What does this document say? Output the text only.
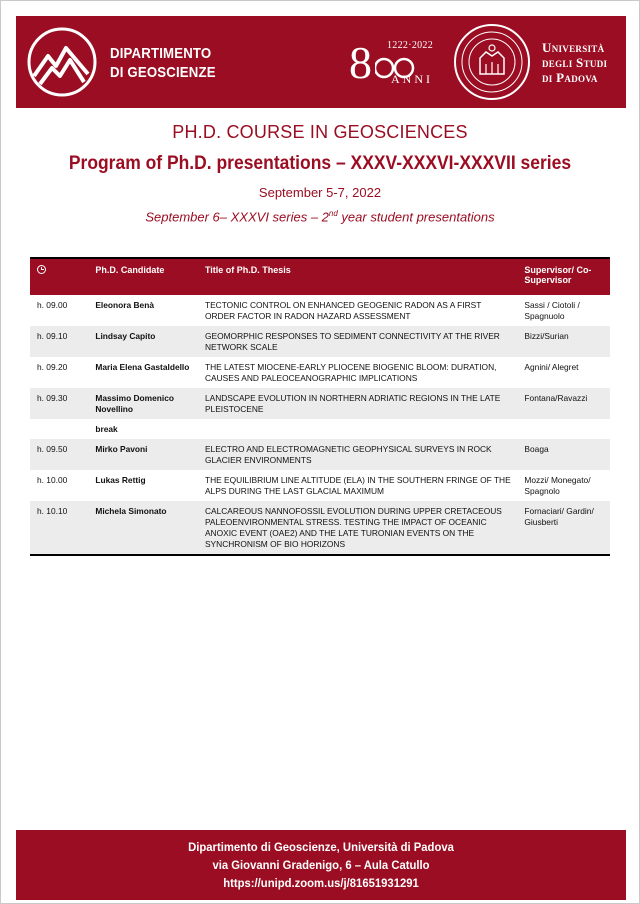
DIPARTIMENTO
DI GEOSCIENZE	8 1222·2022
ANNI
Università
degli Studi
di Padova
PH.D. COURSE IN GEOSCIENCES
Program of Ph.D. presentations – XXXV-XXXVI-XXXVII series
September 5-7, 2022
September 6– XXXVI series – 2nd year student presentations
	Ph.D. Candidate	Title of Ph.D. Thesis	Supervisor/ Co-Supervisor
h. 09.00	Eleonora Benà	TECTONIC CONTROL ON ENHANCED GEOGENIC RADON AS A FIRST ORDER FACTOR IN RADON HAZARD ASSESSMENT	Sassi / Ciotoli / Spagnuolo
h. 09.10	Lindsay Capito	GEOMORPHIC RESPONSES TO SEDIMENT CONNECTIVITY AT THE RIVER NETWORK SCALE	Bizzi/Surian
h. 09.20	Maria Elena Gastaldello	THE LATEST MIOCENE-EARLY PLIOCENE BIOGENIC BLOOM: DURATION, CAUSES AND PALEOCEANOGRAPHIC IMPLICATIONS	Agnini/ Alegret
h. 09.30	Massimo Domenico Novellino	LANDSCAPE EVOLUTION IN NORTHERN ADRIATIC REGIONS IN THE LATE PLEISTOCENE	Fontana/Ravazzi
	break		
h. 09.50	Mirko Pavoni	ELECTRO AND ELECTROMAGNETIC GEOPHYSICAL SURVEYS IN ROCK GLACIER ENVIRONMENTS	Boaga
h. 10.00	Lukas Rettig	THE EQUILIBRIUM LINE ALTITUDE (ELA) IN THE SOUTHERN FRINGE OF THE ALPS DURING THE LAST GLACIAL MAXIMUM	Mozzi/ Monegato/ Spagnolo
h. 10.10	Michela Simonato	CALCAREOUS NANNOFOSSIL EVOLUTION DURING UPPER CRETACEOUS PALEOENVIRONMENTAL STRESS. TESTING THE IMPACT OF OCEANIC ANOXIC EVENT (OAE2) AND THE LATE TURONIAN EVENTS ON THE SYNCHRONISM OF BIO HORIZONS	Fornaciari/ Gardin/ Giusberti
Dipartimento di Geoscienze, Università di Padova
via Giovanni Gradenigo, 6 – Aula Catullo
https://unipd.zoom.us/j/81651931291
